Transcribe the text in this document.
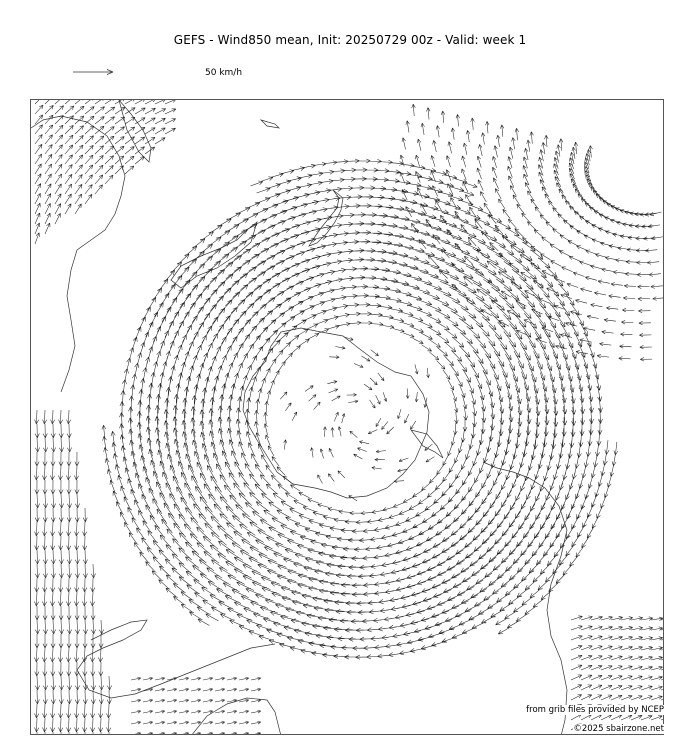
GEFS - Wind850 mean, Init: 20250729 00z - Valid: week 1
50 km/h
from grib files provided by NCEP
©2025 sbairzone.net
